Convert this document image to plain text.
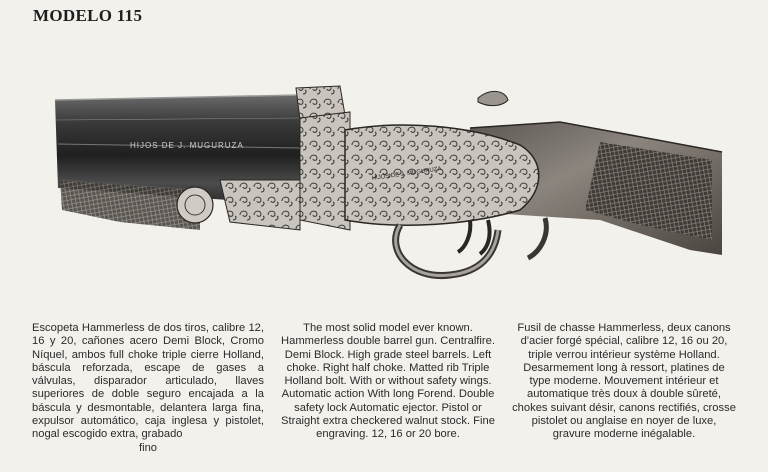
MODELO 115
HIJOS DE J. MUGURUZA
HIJOS DE J. MUGURUZA
Escopeta Hammerless de dos tiros, calibre 12, 16 y 20, cañones acero Demi Block, Cromo Níquel, ambos full choke triple cierre Holland, báscula reforzada, escape de gases a válvulas, disparador articulado, llaves superiores de doble seguro encajada a la báscula y desmontable, delantera larga fina, expulsor automático, caja inglesa y pistolet, nogal escogido extra, grabado
fino
The most solid model ever known. Hammerless double barrel gun. Centralfire. Demi Block. High grade steel barrels. Left choke. Right half choke. Matted rib Triple Holland bolt. With or without safety wings. Automatic action With long Forend. Double safety lock Automatic ejector. Pistol or Straight extra checkered walnut stock. Fine engraving. 12, 16 or 20 bore.
Fusil de chasse Hammerless, deux canons d'acier forgé spécial, calibre 12, 16 ou 20, triple verrou intérieur système Holland. Desarmement long à ressort, platines de type moderne. Mouvement intérieur et automatique très doux à double sûreté, chokes suivant désir, canons rectifiés, crosse pistolet ou anglaise en noyer de luxe, gravure moderne inégalable.
